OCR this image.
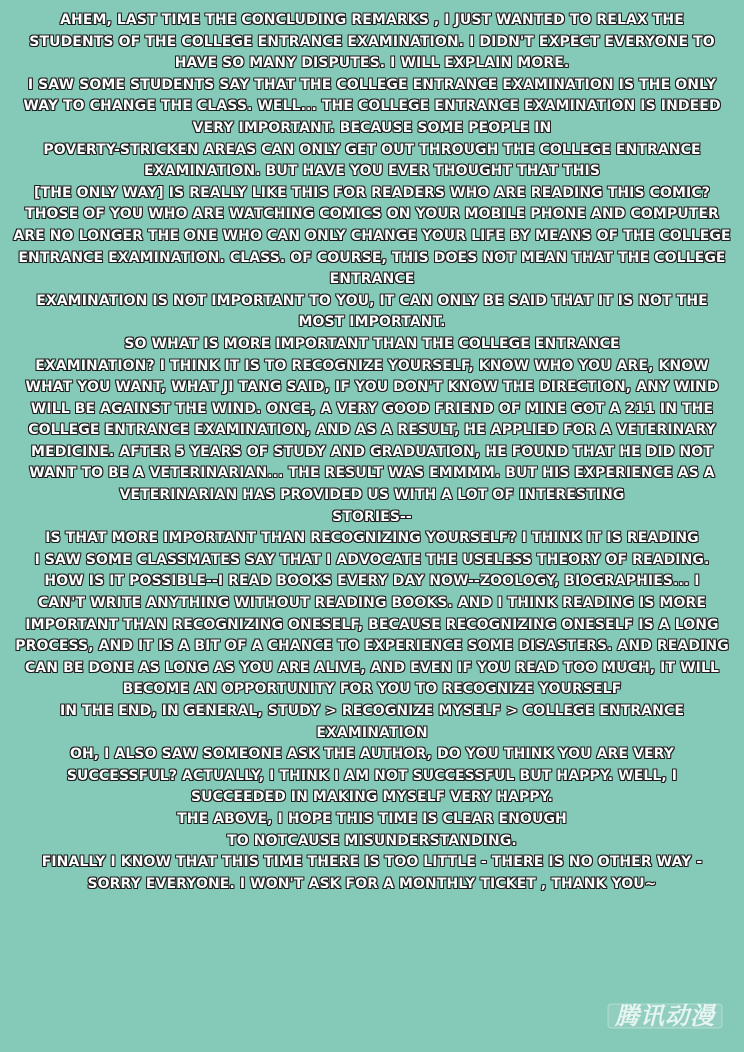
AHEM, LAST TIME THE CONCLUDING REMARKS , I JUST WANTED TO RELAX THE
STUDENTS OF THE COLLEGE ENTRANCE EXAMINATION. I DIDN'T EXPECT EVERYONE TO
HAVE SO MANY DISPUTES. I WILL EXPLAIN MORE.
I SAW SOME STUDENTS SAY THAT THE COLLEGE ENTRANCE EXAMINATION IS THE ONLY
WAY TO CHANGE THE CLASS. WELL... THE COLLEGE ENTRANCE EXAMINATION IS INDEED
VERY IMPORTANT. BECAUSE SOME PEOPLE IN
POVERTY-STRICKEN AREAS CAN ONLY GET OUT THROUGH THE COLLEGE ENTRANCE
EXAMINATION. BUT HAVE YOU EVER THOUGHT THAT THIS
[THE ONLY WAY] IS REALLY LIKE THIS FOR READERS WHO ARE READING THIS COMIC?
THOSE OF YOU WHO ARE WATCHING COMICS ON YOUR MOBILE PHONE AND COMPUTER
ARE NO LONGER THE ONE WHO CAN ONLY CHANGE YOUR LIFE BY MEANS OF THE COLLEGE
ENTRANCE EXAMINATION. CLASS. OF COURSE, THIS DOES NOT MEAN THAT THE COLLEGE
ENTRANCE
EXAMINATION IS NOT IMPORTANT TO YOU, IT CAN ONLY BE SAID THAT IT IS NOT THE
MOST IMPORTANT.
SO WHAT IS MORE IMPORTANT THAN THE COLLEGE ENTRANCE
EXAMINATION? I THINK IT IS TO RECOGNIZE YOURSELF, KNOW WHO YOU ARE, KNOW
WHAT YOU WANT, WHAT JI TANG SAID, IF YOU DON'T KNOW THE DIRECTION, ANY WIND
WILL BE AGAINST THE WIND. ONCE, A VERY GOOD FRIEND OF MINE GOT A 211 IN THE
COLLEGE ENTRANCE EXAMINATION, AND AS A RESULT, HE APPLIED FOR A VETERINARY
MEDICINE. AFTER 5 YEARS OF STUDY AND GRADUATION, HE FOUND THAT HE DID NOT
WANT TO BE A VETERINARIAN... THE RESULT WAS EMMMM. BUT HIS EXPERIENCE AS A
VETERINARIAN HAS PROVIDED US WITH A LOT OF INTERESTING
STORIES--
IS THAT MORE IMPORTANT THAN RECOGNIZING YOURSELF? I THINK IT IS READING
I SAW SOME CLASSMATES SAY THAT I ADVOCATE THE USELESS THEORY OF READING.
HOW IS IT POSSIBLE--I READ BOOKS EVERY DAY NOW--ZOOLOGY, BIOGRAPHIES... I
CAN'T WRITE ANYTHING WITHOUT READING BOOKS. AND I THINK READING IS MORE
IMPORTANT THAN RECOGNIZING ONESELF, BECAUSE RECOGNIZING ONESELF IS A LONG
PROCESS, AND IT IS A BIT OF A CHANCE TO EXPERIENCE SOME DISASTERS. AND READING
CAN BE DONE AS LONG AS YOU ARE ALIVE, AND EVEN IF YOU READ TOO MUCH, IT WILL
BECOME AN OPPORTUNITY FOR YOU TO RECOGNIZE YOURSELF
IN THE END, IN GENERAL, STUDY > RECOGNIZE MYSELF > COLLEGE ENTRANCE
EXAMINATION
OH, I ALSO SAW SOMEONE ASK THE AUTHOR, DO YOU THINK YOU ARE VERY
SUCCESSFUL? ACTUALLY, I THINK I AM NOT SUCCESSFUL BUT HAPPY. WELL, I
SUCCEEDED IN MAKING MYSELF VERY HAPPY.
THE ABOVE, I HOPE THIS TIME IS CLEAR ENOUGH
TO NOTCAUSE MISUNDERSTANDING.
FINALLY I KNOW THAT THIS TIME THERE IS TOO LITTLE - THERE IS NO OTHER WAY -
SORRY EVERYONE. I WON'T ASK FOR A MONTHLY TICKET , THANK YOU~
腾讯动漫
